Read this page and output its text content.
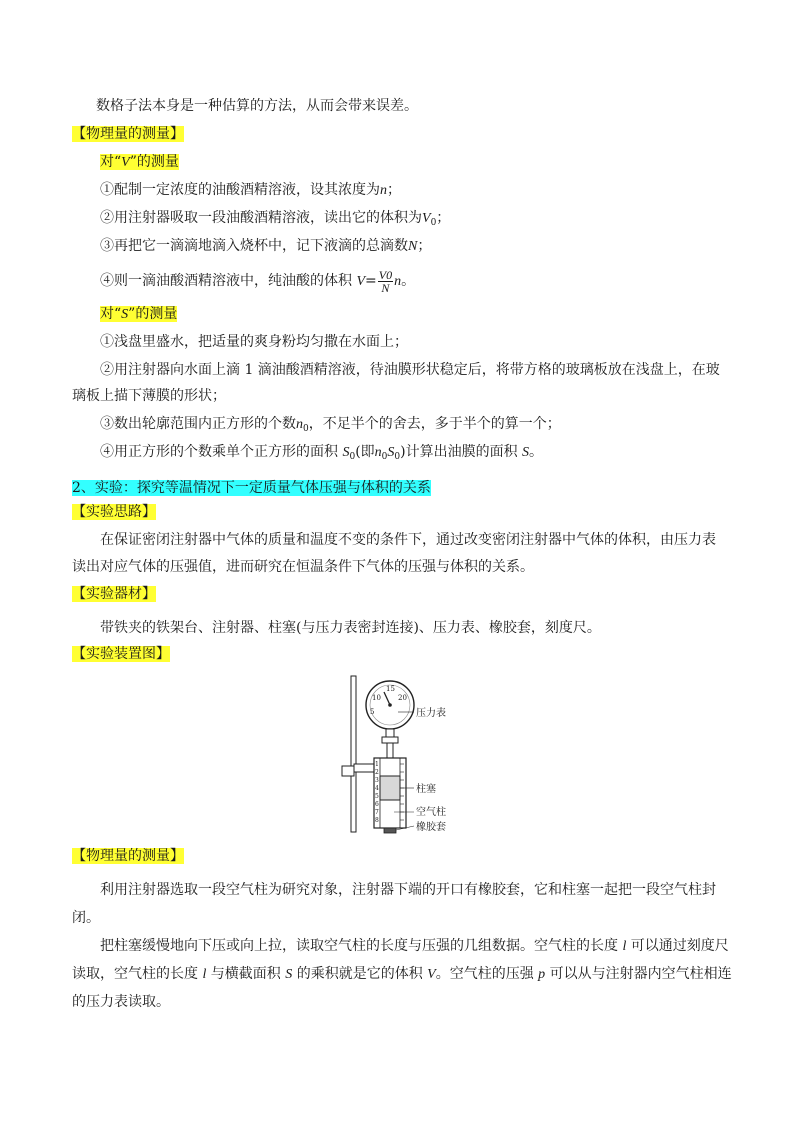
数格子法本身是一种估算的方法，从而会带来误差。
【物理量的测量】
对“V”的测量
①配制一定浓度的油酸酒精溶液，设其浓度为n；
②用注射器吸取一段油酸酒精溶液，读出它的体积为$V_0$；
③再把它一滴滴地滴入烧杯中，记下液滴的总滴数N；
④则一滴油酸酒精溶液中，纯油酸的体积 $V= \frac{V0}{N}$ n。
对“S”的测量
①浅盘里盛水，把适量的爽身粉均匀撒在水面上；
②用注射器向水面上滴 1 滴油酸酒精溶液，待油膜形状稳定后，将带方格的玻璃板放在浅盘上，在玻
璃板上描下薄膜的形状；
③数出轮廓范围内正方形的个数$n_0$，不足半个的舍去，多于半个的算一个；
④用正方形的个数乘单个正方形的面积 $S_0$(即$n_0S_0$)计算出油膜的面积 S。
2、实验：探究等温情况下一定质量气体压强与体积的关系
【实验思路】
在保证密闭注射器中气体的质量和温度不变的条件下，通过改变密闭注射器中气体的体积，由压力表
读出对应气体的压强值，进而研究在恒温条件下气体的压强与体积的关系。
【实验器材】
带铁夹的铁架台、注射器、柱塞(与压力表密封连接)、压力表、橡胶套，刻度尺。
【实验装置图】
5
10
15
20
1
2
3
4
5
6
7
8
压力表
柱塞
空气柱
橡胶套
【物理量的测量】
利用注射器选取一段空气柱为研究对象，注射器下端的开口有橡胶套，它和柱塞一起把一段空气柱封
闭。
把柱塞缓慢地向下压或向上拉，读取空气柱的长度与压强的几组数据。空气柱的长度 l 可以通过刻度尺
读取，空气柱的长度 l 与横截面积 S 的乘积就是它的体积 V。空气柱的压强 p 可以从与注射器内空气柱相连
的压力表读取。
